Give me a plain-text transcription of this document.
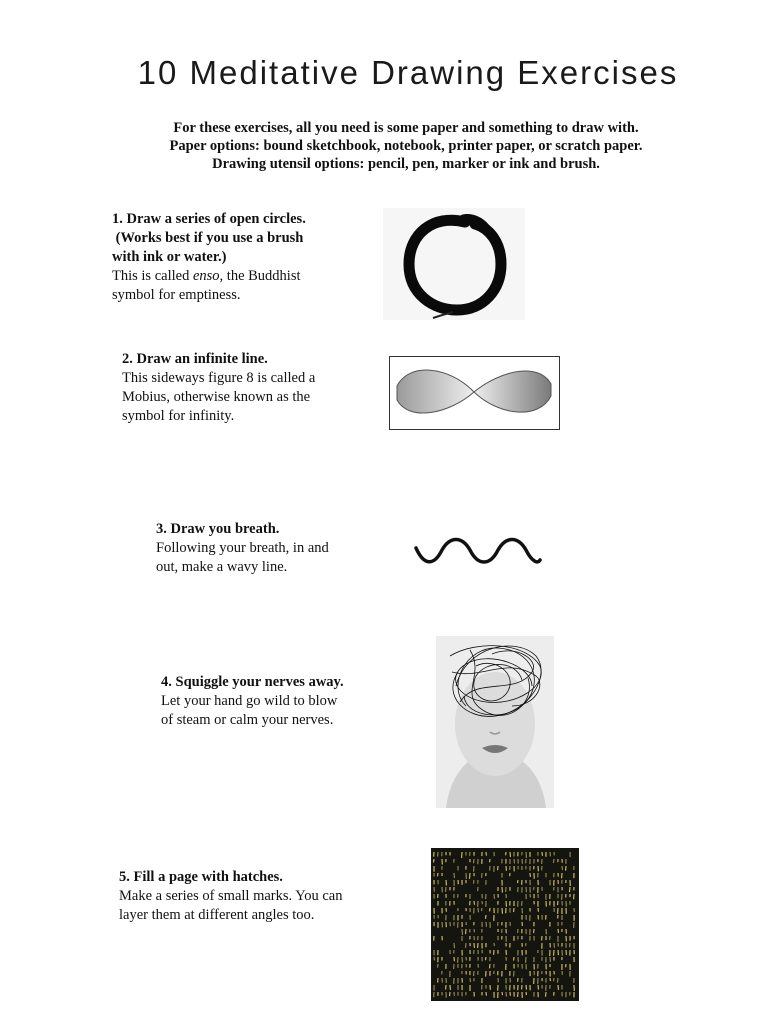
10 Meditative Drawing Exercises
For these exercises, all you need is some paper and something to draw with.
Paper options: bound sketchbook, notebook, printer paper, or scratch paper.
Drawing utensil options: pencil, pen, marker or ink and brush.
1. Draw a series of open circles.
(Works best if you use a brush
with ink or water.)
This is called enso, the Buddhist
symbol for emptiness.
2. Draw an infinite line.
This sideways figure 8 is called a
Mobius, otherwise known as the
symbol for infinity.
3. Draw you breath.
Following your breath, in and
out, make a wavy line.
4. Squiggle your nerves away.
Let your hand go wild to blow
of steam or calm your nerves.
5. Fill a page with hatches.
Make a series of small marks. You can
layer them at different angles too.
